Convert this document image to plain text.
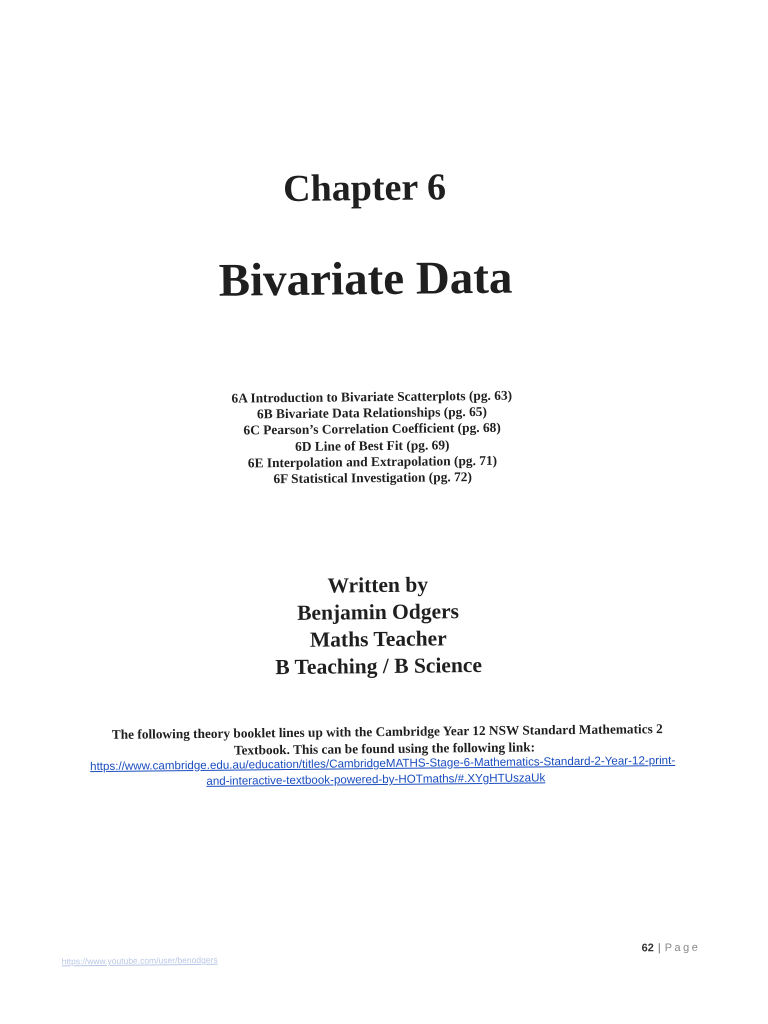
Chapter 6
Bivariate Data
6A Introduction to Bivariate Scatterplots (pg. 63)
6B Bivariate Data Relationships (pg. 65)
6C Pearson’s Correlation Coefficient (pg. 68)
6D Line of Best Fit (pg. 69)
6E Interpolation and Extrapolation (pg. 71)
6F Statistical Investigation (pg. 72)
Written by
Benjamin Odgers
Maths Teacher
B Teaching / B Science
The following theory booklet lines up with the Cambridge Year 12 NSW Standard Mathematics 2
Textbook. This can be found using the following link:
https://www.cambridge.edu.au/education/titles/CambridgeMATHS-Stage-6-Mathematics-Standard-2-Year-12-print-
and-interactive-textbook-powered-by-HOTmaths/#.XYgHTUszaUk
https://www.youtube.com/user/benodgers
62 | Page
